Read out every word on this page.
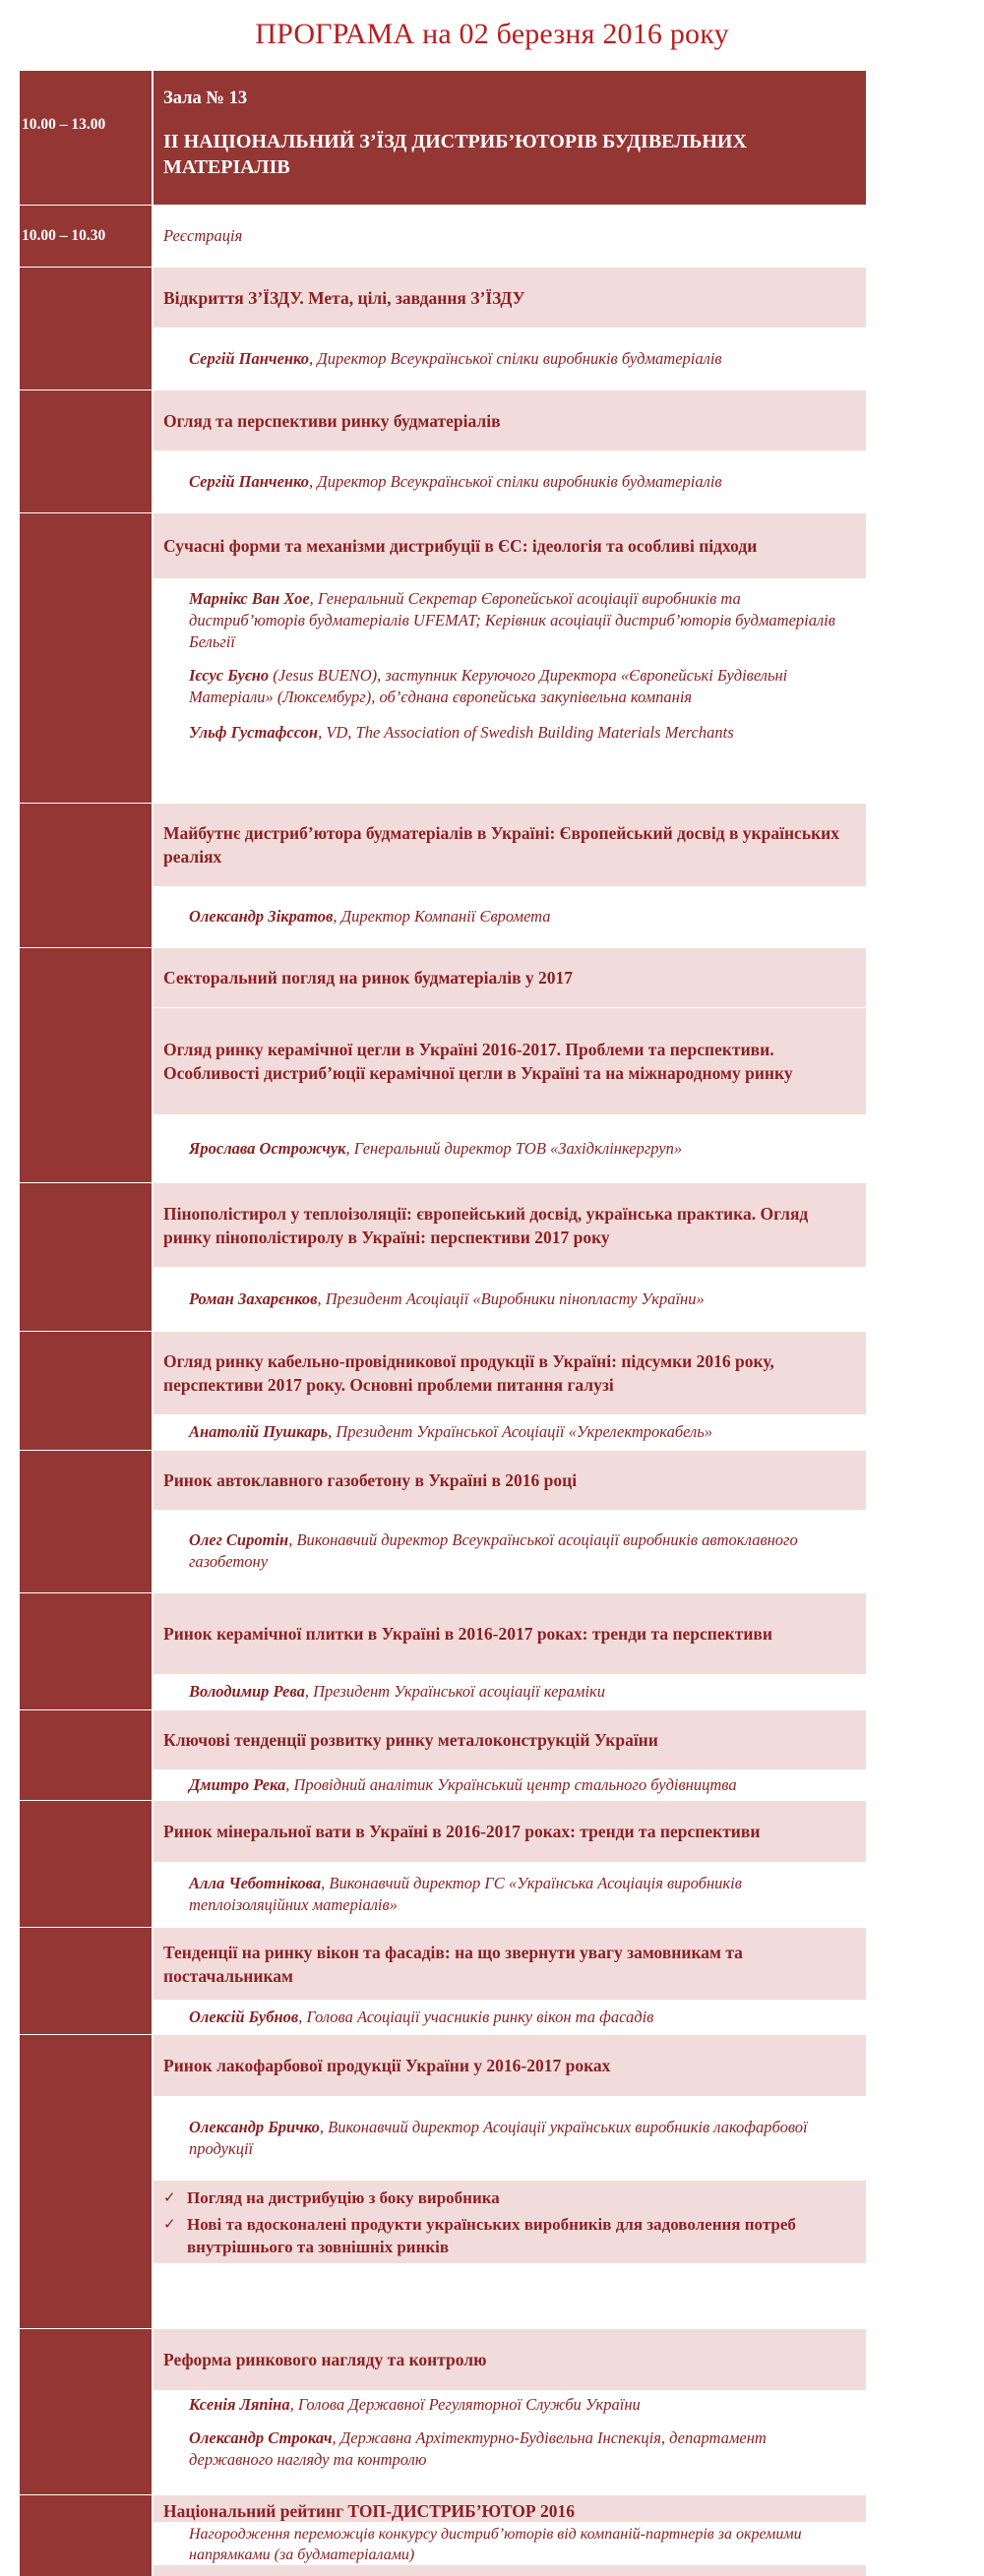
ПРОГРАМА на 02 березня 2016 року
10.00 – 13.00
Зала № 13
ІІ НАЦІОНАЛЬНИЙ З’ЇЗД ДИСТРИБ’ЮТОРІВ БУДІВЕЛЬНИХ МАТЕРІАЛІВ
10.00 – 10.30	Реєстрація
Відкриття З’ЇЗДУ. Мета, цілі, завдання З’ЇЗДУ
Сергій Панченко , Директор Всеукраїнської спілки виробників будматеріалів
Огляд та перспективи ринку будматеріалів
Сергій Панченко , Директор Всеукраїнської спілки виробників будматеріалів
Сучасні форми та механізми дистрибуції в ЄС: ідеологія та особливі підходи

Марнікс Ван Хое, Генеральний Секретар Європейської асоціації виробників та дистриб’юторів будматеріалів UFEMAT; Керівник асоціації дистриб’юторів будматеріалів Бельгії

Ієсус Буєно (Jesus BUENO), заступник Керуючого Директора «Європейські Будівельні Матеріали» (Люксембург), об’єднана європейська закупівельна компанія

Ульф Густафссон, VD, The Association of Swedish Building Materials Merchants

Майбутнє дистриб’ютора будматеріалів в Україні: Європейський досвід в українських реаліях
Олександр Зікратов , Директор Компанії Євромета
Секторальний погляд на ринок будматеріалів у 2017
Огляд ринку керамічної цегли в Україні 2016-2017. Проблеми та перспективи. Особливості дистриб’юції керамічної цегли в Україні та на міжнародному ринку
Ярослава Острожчук , Генеральний директор ТОВ «Західклінкергруп»
Пінополістирол у теплоізоляції: європейський досвід, українська практика. Огляд ринку пінополістиролу в Україні: перспективи 2017 року
Роман Захарєнков , Президент Асоціації «Виробники пінопласту України»
Огляд ринку кабельно-провідникової продукції в Україні: підсумки 2016 року, перспективи 2017 року. Основні проблеми питання галузі
Анатолій Пушкарь , Президент Української Асоціації «Укрелектрокабель»
Ринок автоклавного газобетону в Україні в 2016 році
Олег Сиротін, Виконавчий директор Всеукраїнської асоціації виробників автоклавного газобетону
Ринок керамічної плитки в Україні в 2016-2017 роках: тренди та перспективи
Володимир Рева , Президент Української асоціації кераміки
Ключові тенденції розвитку ринку металоконструкцій України
Дмитро Река , Провідний аналітик Український центр стального будівництва
Ринок мінеральної вати в Україні в 2016-2017 роках: тренди та перспективи
Алла Чеботнікова, Виконавчий директор ГС «Українська Асоціація виробників теплоізоляційних матеріалів»
Тенденції на ринку вікон та фасадів: на що звернути увагу замовникам та постачальникам
Олексій Бубнов , Голова Асоціації учасників ринку вікон та фасадів
Ринок лакофарбової продукції України у 2016-2017 роках
Олександр Бричко, Виконавчий директор Асоціації українських виробників лакофарбової продукції
✓ Погляд на дистрибуцію з боку виробника
✓ Нові та вдосконалені продукти українських виробників для задоволення потреб внутрішнього та зовнішніх ринків
Реформа ринкового нагляду та контролю

Ксенія Ляпіна, Голова Державної Регуляторної Служби України

Олександр Строкач, Державна Архітектурно-Будівельна Інспекція, департамент державного нагляду та контролю

Національний рейтинг ТОП-ДИСТРИБ’ЮТОР 2016
Нагородження переможців конкурсу дистриб’юторів від компаній-партнерів за окремими напрямками (за будматеріалами)
